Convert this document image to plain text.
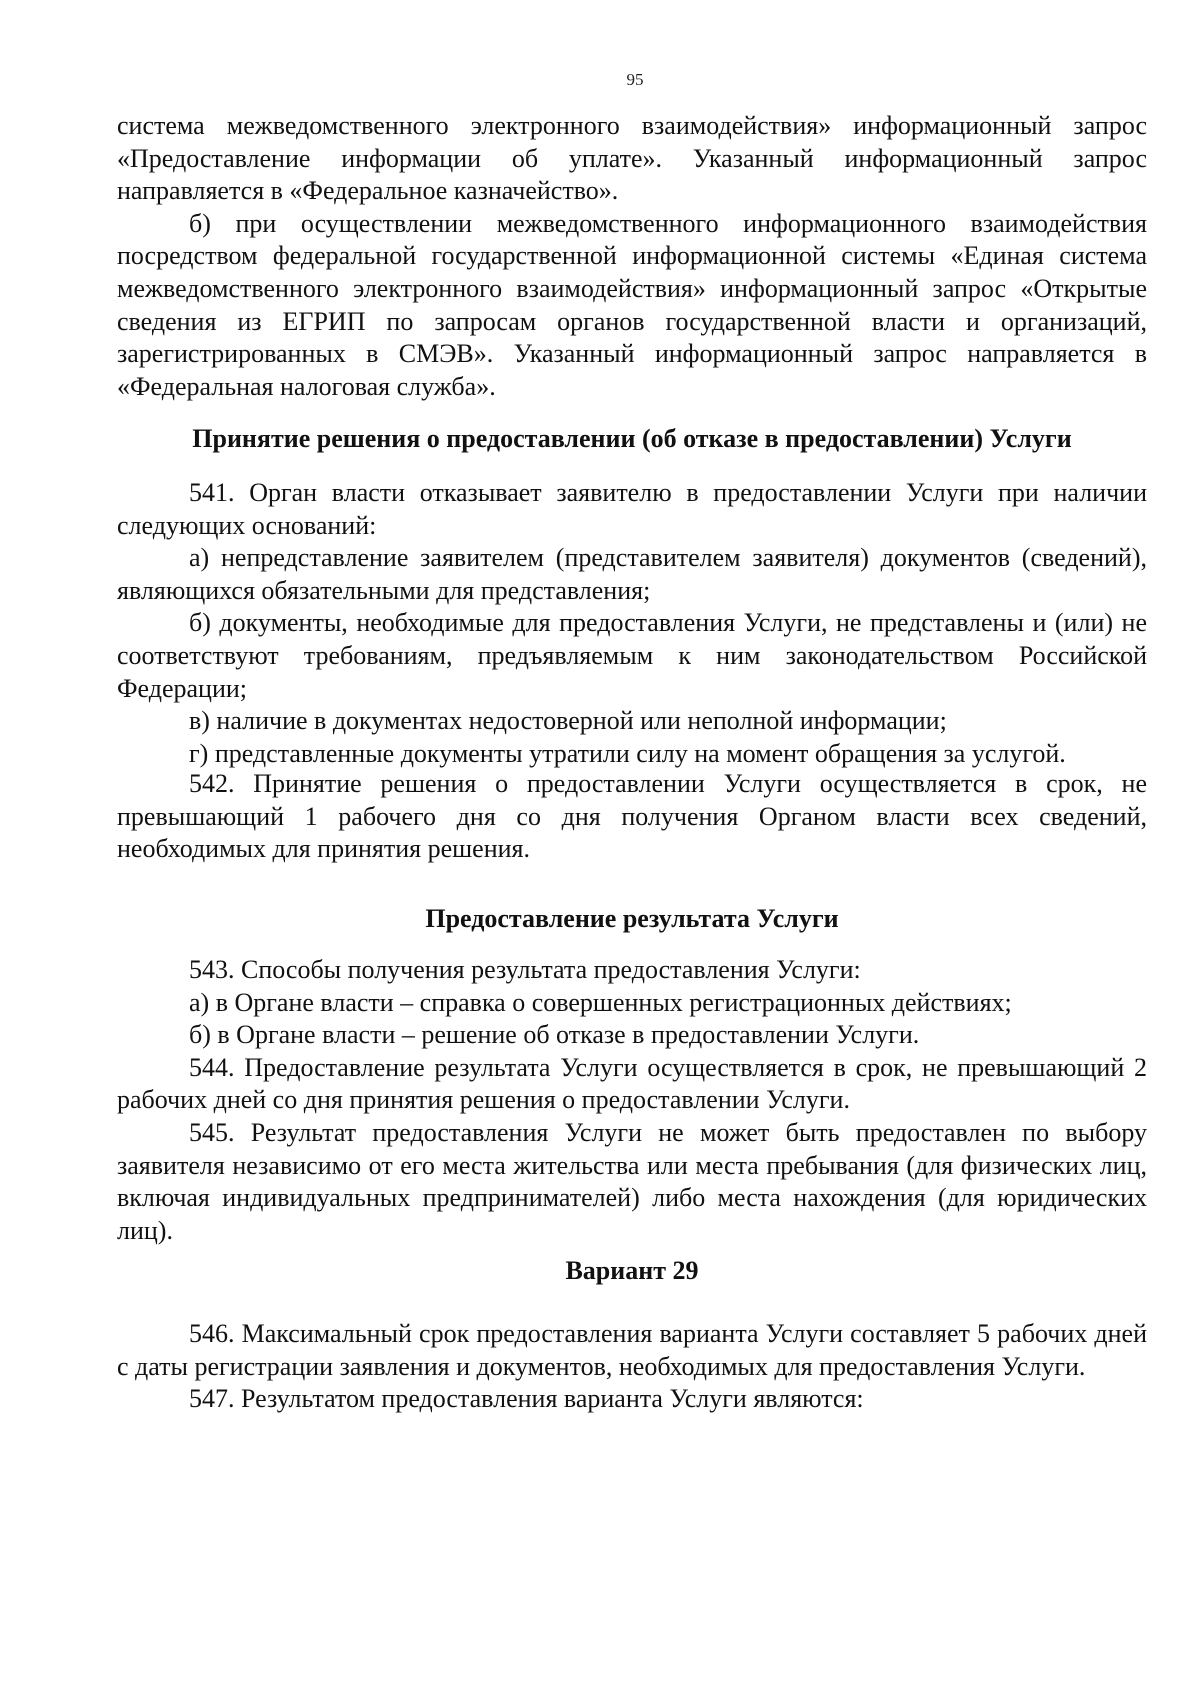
95

система межведомственного электронного взаимодействия» информационный запрос «Предоставление информации об уплате». Указанный информационный запрос направляется в «Федеральное казначейство».

б) при осуществлении межведомственного информационного взаимодействия посредством федеральной государственной информационной системы «Единая система межведомственного электронного взаимодействия» информационный запрос «Открытые сведения из ЕГРИП по запросам органов государственной власти и организаций, зарегистрированных в СМЭВ». Указанный информационный запрос направляется в «Федеральная налоговая служба».

Принятие решения о предоставлении (об отказе в предоставлении) Услуги

541. Орган власти отказывает заявителю в предоставлении Услуги при наличии следующих оснований:

а) непредставление заявителем (представителем заявителя) документов (сведений), являющихся обязательными для представления;

б) документы, необходимые для предоставления Услуги, не представлены и (или) не соответствуют требованиям, предъявляемым к ним законодательством Российской Федерации;

в) наличие в документах недостоверной или неполной информации;

г) представленные документы утратили силу на момент обращения за услугой.

542. Принятие решения о предоставлении Услуги осуществляется в срок, не превышающий 1 рабочего дня со дня получения Органом власти всех сведений, необходимых для принятия решения.

Предоставление результата Услуги

543. Способы получения результата предоставления Услуги:

а) в Органе власти – справка о совершенных регистрационных действиях;

б) в Органе власти – решение об отказе в предоставлении Услуги.

544. Предоставление результата Услуги осуществляется в срок, не превышающий 2 рабочих дней со дня принятия решения о предоставлении Услуги.

545. Результат предоставления Услуги не может быть предоставлен по выбору заявителя независимо от его места жительства или места пребывания (для физических лиц, включая индивидуальных предпринимателей) либо места нахождения (для юридических лиц).

Вариант 29

546. Максимальный срок предоставления варианта Услуги составляет 5 рабочих дней с даты регистрации заявления и документов, необходимых для предоставления Услуги.

547. Результатом предоставления варианта Услуги являются:
